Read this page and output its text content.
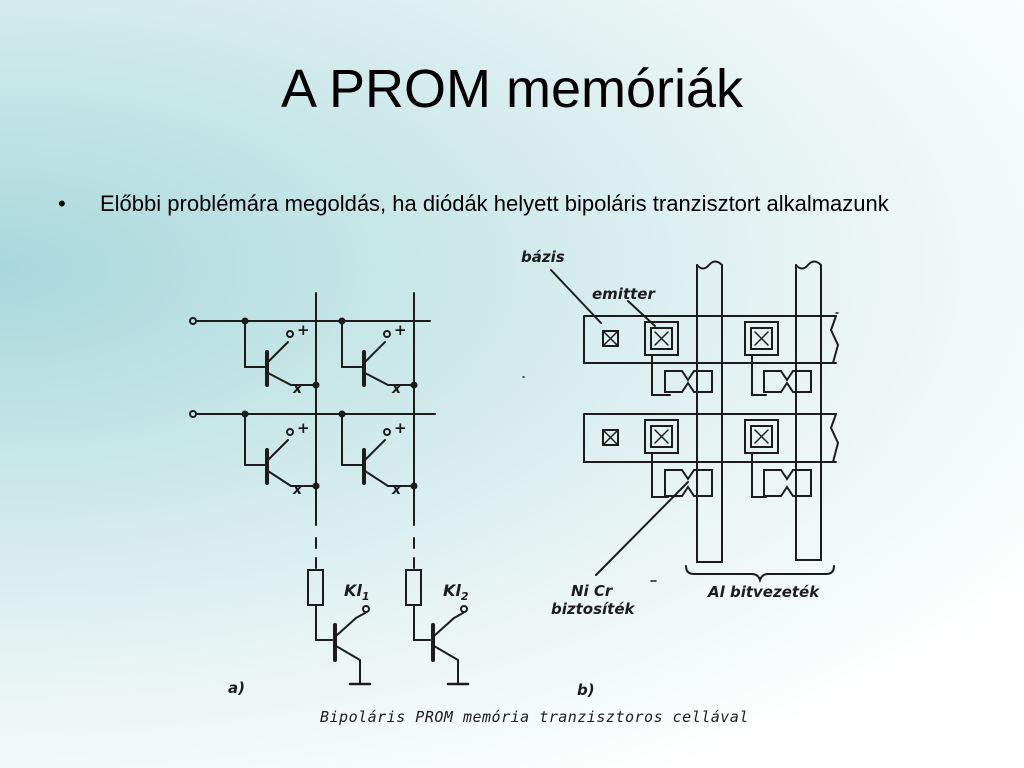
A PROM memóriák
• Előbbi problémára megoldás, ha diódák helyett bipoláris tranzisztort alkalmazunk
bázis
emitter
Ni Cr
biztosíték
Al bitvezeték
b)
$Kl_1$	$Kl_2$
a)
+	+
+	+
x	x
x	x
Bipoláris PROM memória tranzisztoros cellával
